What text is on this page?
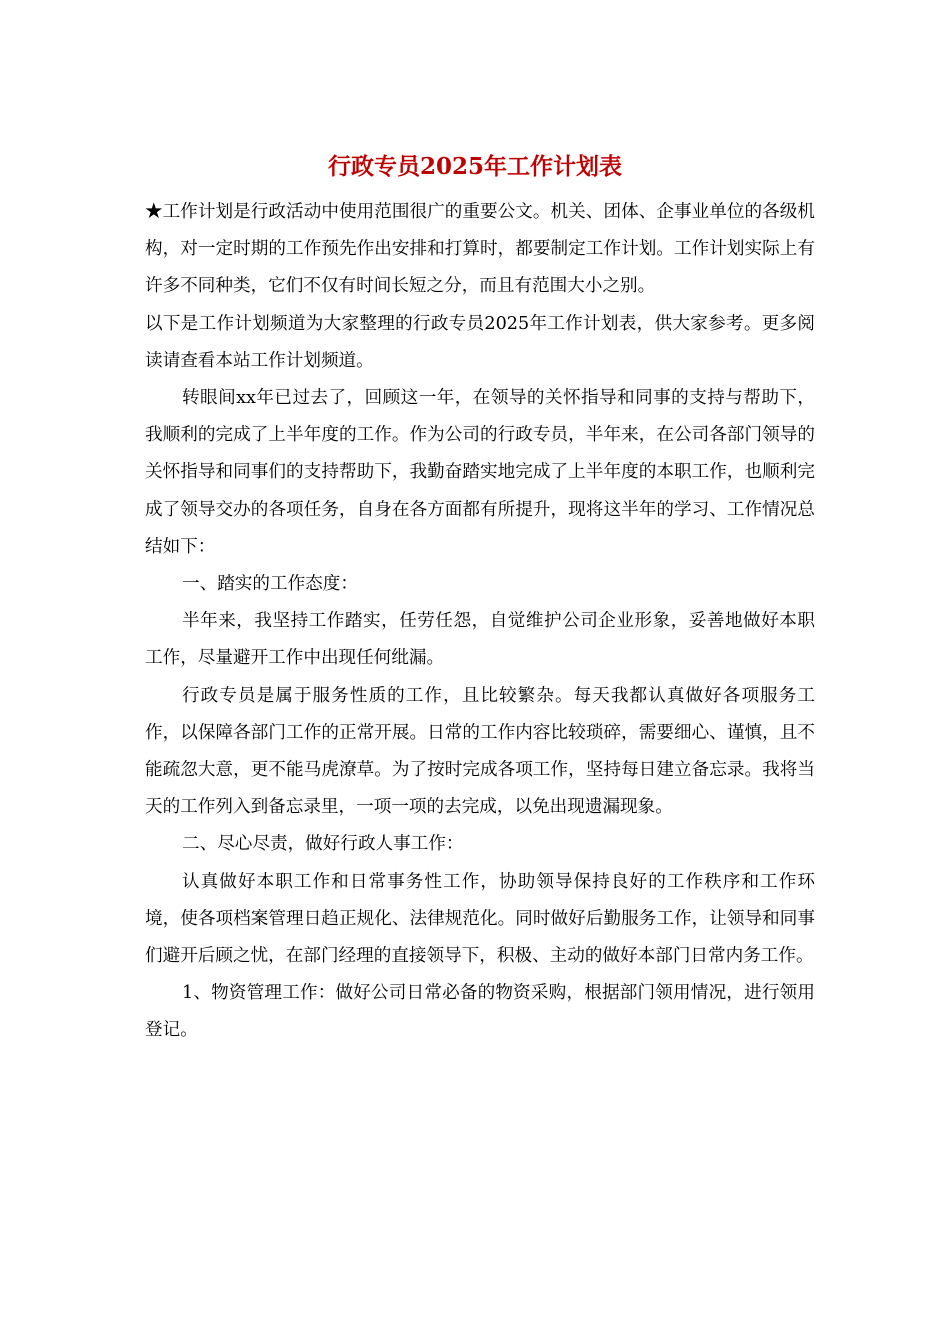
行政专员2025年工作计划表

★工作计划是行政活动中使用范围很广的重要公文。机关、团体、企事业单位的各级机构，对一定时期的工作预先作出安排和打算时，都要制定工作计划。工作计划实际上有许多不同种类，它们不仅有时间长短之分，而且有范围大小之别。

以下是工作计划频道为大家整理的行政专员2025年工作计划表，供大家参考。更多阅读请查看本站工作计划频道。

转眼间xx年已过去了，回顾这一年，在领导的关怀指导和同事的支持与帮助下，我顺利的完成了上半年度的工作。作为公司的行政专员，半年来，在公司各部门领导的关怀指导和同事们的支持帮助下，我勤奋踏实地完成了上半年度的本职工作，也顺利完成了领导交办的各项任务，自身在各方面都有所提升，现将这半年的学习、工作情况总结如下：

一、踏实的工作态度：

半年来，我坚持工作踏实，任劳任怨，自觉维护公司企业形象，妥善地做好本职工作，尽量避开工作中出现任何纰漏。

行政专员是属于服务性质的工作，且比较繁杂。每天我都认真做好各项服务工作，以保障各部门工作的正常开展。日常的工作内容比较琐碎，需要细心、谨慎，且不能疏忽大意，更不能马虎潦草。为了按时完成各项工作，坚持每日建立备忘录。我将当天的工作列入到备忘录里，一项一项的去完成，以免出现遗漏现象。

二、尽心尽责，做好行政人事工作：

认真做好本职工作和日常事务性工作，协助领导保持良好的工作秩序和工作环境，使各项档案管理日趋正规化、法律规范化。同时做好后勤服务工作，让领导和同事们避开后顾之忧，在部门经理的直接领导下，积极、主动的做好本部门日常内务工作。

1、物资管理工作：做好公司日常必备的物资采购，根据部门领用情况，进行领用登记。
